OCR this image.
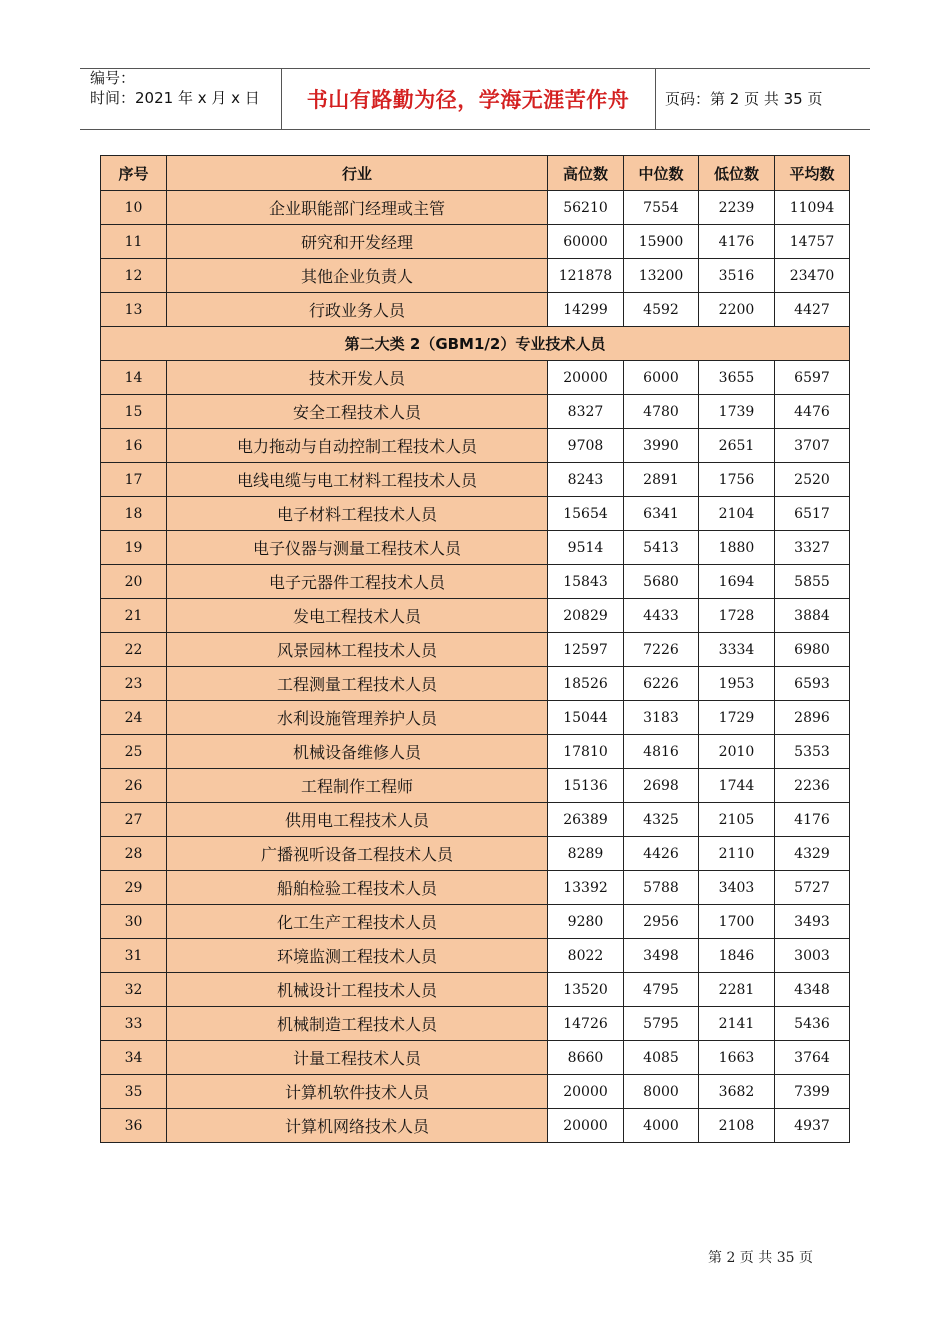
编号：
时间：2021 年 x 月 x 日	书山有路勤为径，学海无涯苦作舟	页码：第 2 页 共 35 页
序号	行业	高位数	中位数	低位数	平均数
10	企业职能部门经理或主管	56210	7554	2239	11094
11	研究和开发经理	60000	15900	4176	14757
12	其他企业负责人	121878	13200	3516	23470
13	行政业务人员	14299	4592	2200	4427
第二大类 2（GBM1/2）专业技术人员					
14	技术开发人员	20000	6000	3655	6597
15	安全工程技术人员	8327	4780	1739	4476
16	电力拖动与自动控制工程技术人员	9708	3990	2651	3707
17	电线电缆与电工材料工程技术人员	8243	2891	1756	2520
18	电子材料工程技术人员	15654	6341	2104	6517
19	电子仪器与测量工程技术人员	9514	5413	1880	3327
20	电子元器件工程技术人员	15843	5680	1694	5855
21	发电工程技术人员	20829	4433	1728	3884
22	风景园林工程技术人员	12597	7226	3334	6980
23	工程测量工程技术人员	18526	6226	1953	6593
24	水利设施管理养护人员	15044	3183	1729	2896
25	机械设备维修人员	17810	4816	2010	5353
26	工程制作工程师	15136	2698	1744	2236
27	供用电工程技术人员	26389	4325	2105	4176
28	广播视听设备工程技术人员	8289	4426	2110	4329
29	船舶检验工程技术人员	13392	5788	3403	5727
30	化工生产工程技术人员	9280	2956	1700	3493
31	环境监测工程技术人员	8022	3498	1846	3003
32	机械设计工程技术人员	13520	4795	2281	4348
33	机械制造工程技术人员	14726	5795	2141	5436
34	计量工程技术人员	8660	4085	1663	3764
35	计算机软件技术人员	20000	8000	3682	7399
36	计算机网络技术人员	20000	4000	2108	4937
第 2 页 共 35 页
